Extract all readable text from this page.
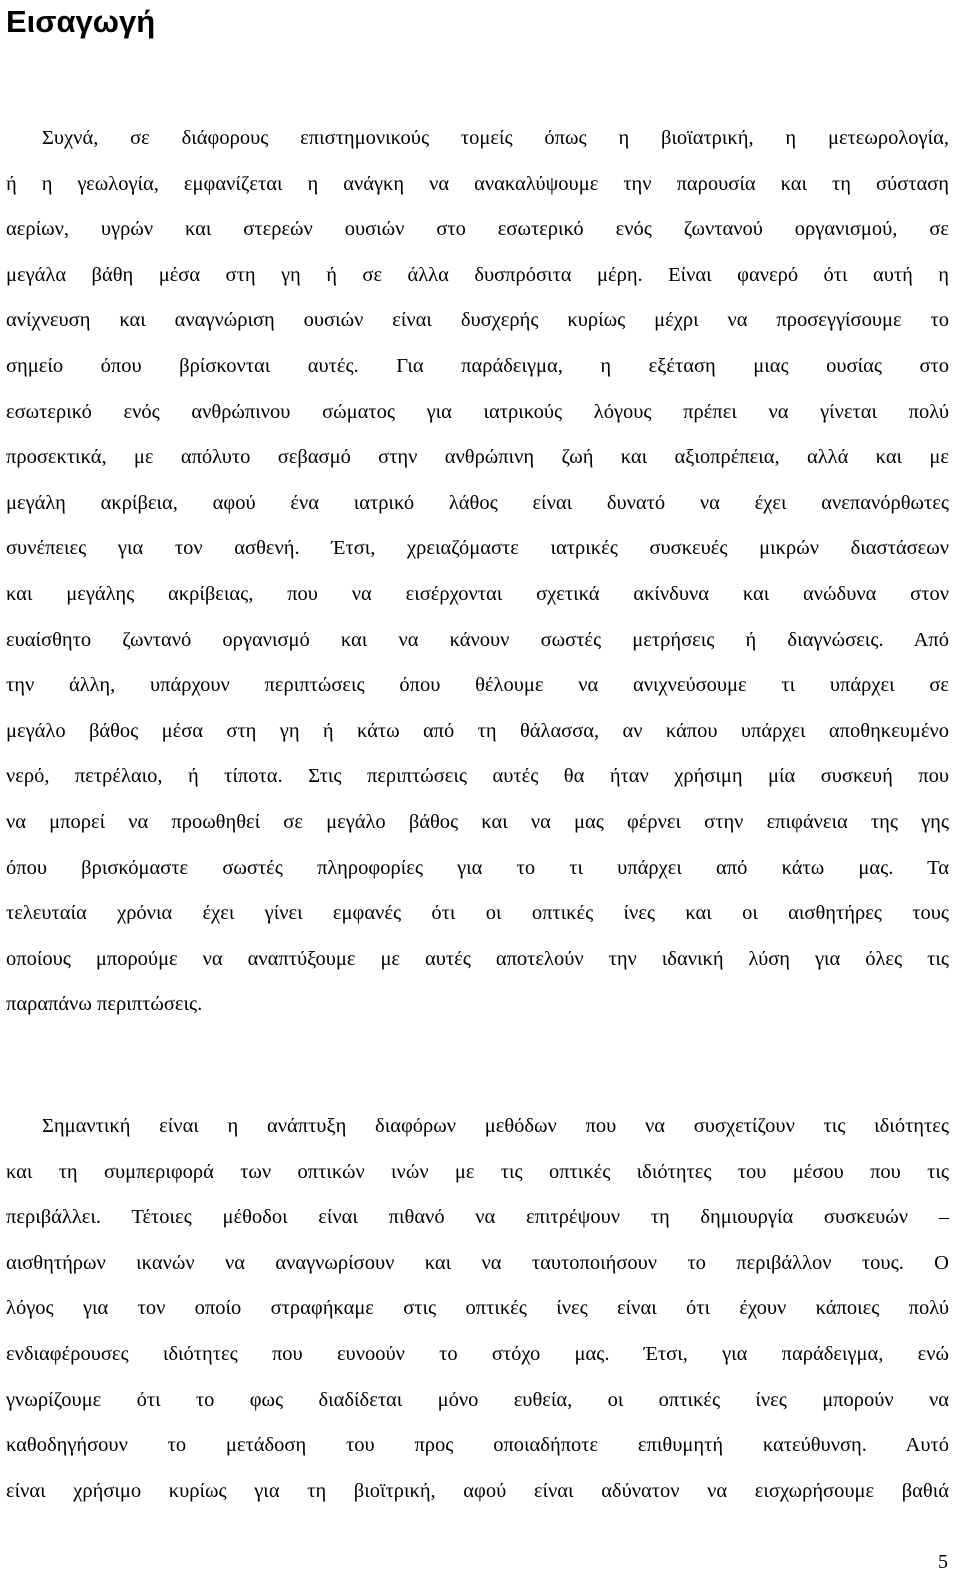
Εισαγωγή
Συχνά, σε διάφορους επιστημονικούς τομείς όπως η βιοϊατρική, η μετεωρολογία,
ή η γεωλογία, εμφανίζεται η ανάγκη να ανακαλύψουμε την παρουσία και τη σύσταση
αερίων, υγρών και στερεών ουσιών στο εσωτερικό ενός ζωντανού οργανισμού, σε
μεγάλα βάθη μέσα στη γη ή σε άλλα δυσπρόσιτα μέρη. Είναι φανερό ότι αυτή η
ανίχνευση και αναγνώριση ουσιών είναι δυσχερής κυρίως μέχρι να προσεγγίσουμε το
σημείο όπου βρίσκονται αυτές. Για παράδειγμα, η εξέταση μιας ουσίας στο
εσωτερικό ενός ανθρώπινου σώματος για ιατρικούς λόγους πρέπει να γίνεται πολύ
προσεκτικά, με απόλυτο σεβασμό στην ανθρώπινη ζωή και αξιοπρέπεια, αλλά και με
μεγάλη ακρίβεια, αφού ένα ιατρικό λάθος είναι δυνατό να έχει ανεπανόρθωτες
συνέπειες για τον ασθενή. Έτσι, χρειαζόμαστε ιατρικές συσκευές μικρών διαστάσεων
και μεγάλης ακρίβειας, που να εισέρχονται σχετικά ακίνδυνα και ανώδυνα στον
ευαίσθητο ζωντανό οργανισμό και να κάνουν σωστές μετρήσεις ή διαγνώσεις. Από
την άλλη, υπάρχουν περιπτώσεις όπου θέλουμε να ανιχνεύσουμε τι υπάρχει σε
μεγάλο βάθος μέσα στη γη ή κάτω από τη θάλασσα, αν κάπου υπάρχει αποθηκευμένο
νερό, πετρέλαιο, ή τίποτα. Στις περιπτώσεις αυτές θα ήταν χρήσιμη μία συσκευή που
να μπορεί να προωθηθεί σε μεγάλο βάθος και να μας φέρνει στην επιφάνεια της γης
όπου βρισκόμαστε σωστές πληροφορίες για το τι υπάρχει από κάτω μας. Τα
τελευταία χρόνια έχει γίνει εμφανές ότι οι οπτικές ίνες και οι αισθητήρες τους
οποίους μπορούμε να αναπτύξουμε με αυτές αποτελούν την ιδανική λύση για όλες τις
παραπάνω περιπτώσεις.
Σημαντική είναι η ανάπτυξη διαφόρων μεθόδων που να συσχετίζουν τις ιδιότητες
και τη συμπεριφορά των οπτικών ινών με τις οπτικές ιδιότητες του μέσου που τις
περιβάλλει. Τέτοιες μέθοδοι είναι πιθανό να επιτρέψουν τη δημιουργία συσκευών –
αισθητήρων ικανών να αναγνωρίσουν και να ταυτοποιήσουν το περιβάλλον τους. Ο
λόγος για τον οποίο στραφήκαμε στις οπτικές ίνες είναι ότι έχουν κάποιες πολύ
ενδιαφέρουσες ιδιότητες που ευνοούν το στόχο μας. Έτσι, για παράδειγμα, ενώ
γνωρίζουμε ότι το φως διαδίδεται μόνο ευθεία, οι οπτικές ίνες μπορούν να
καθοδηγήσουν το μετάδοση του προς οποιαδήποτε επιθυμητή κατεύθυνση. Αυτό
είναι χρήσιμο κυρίως για τη βιοϊτρική, αφού είναι αδύνατον να εισχωρήσουμε βαθιά
5
